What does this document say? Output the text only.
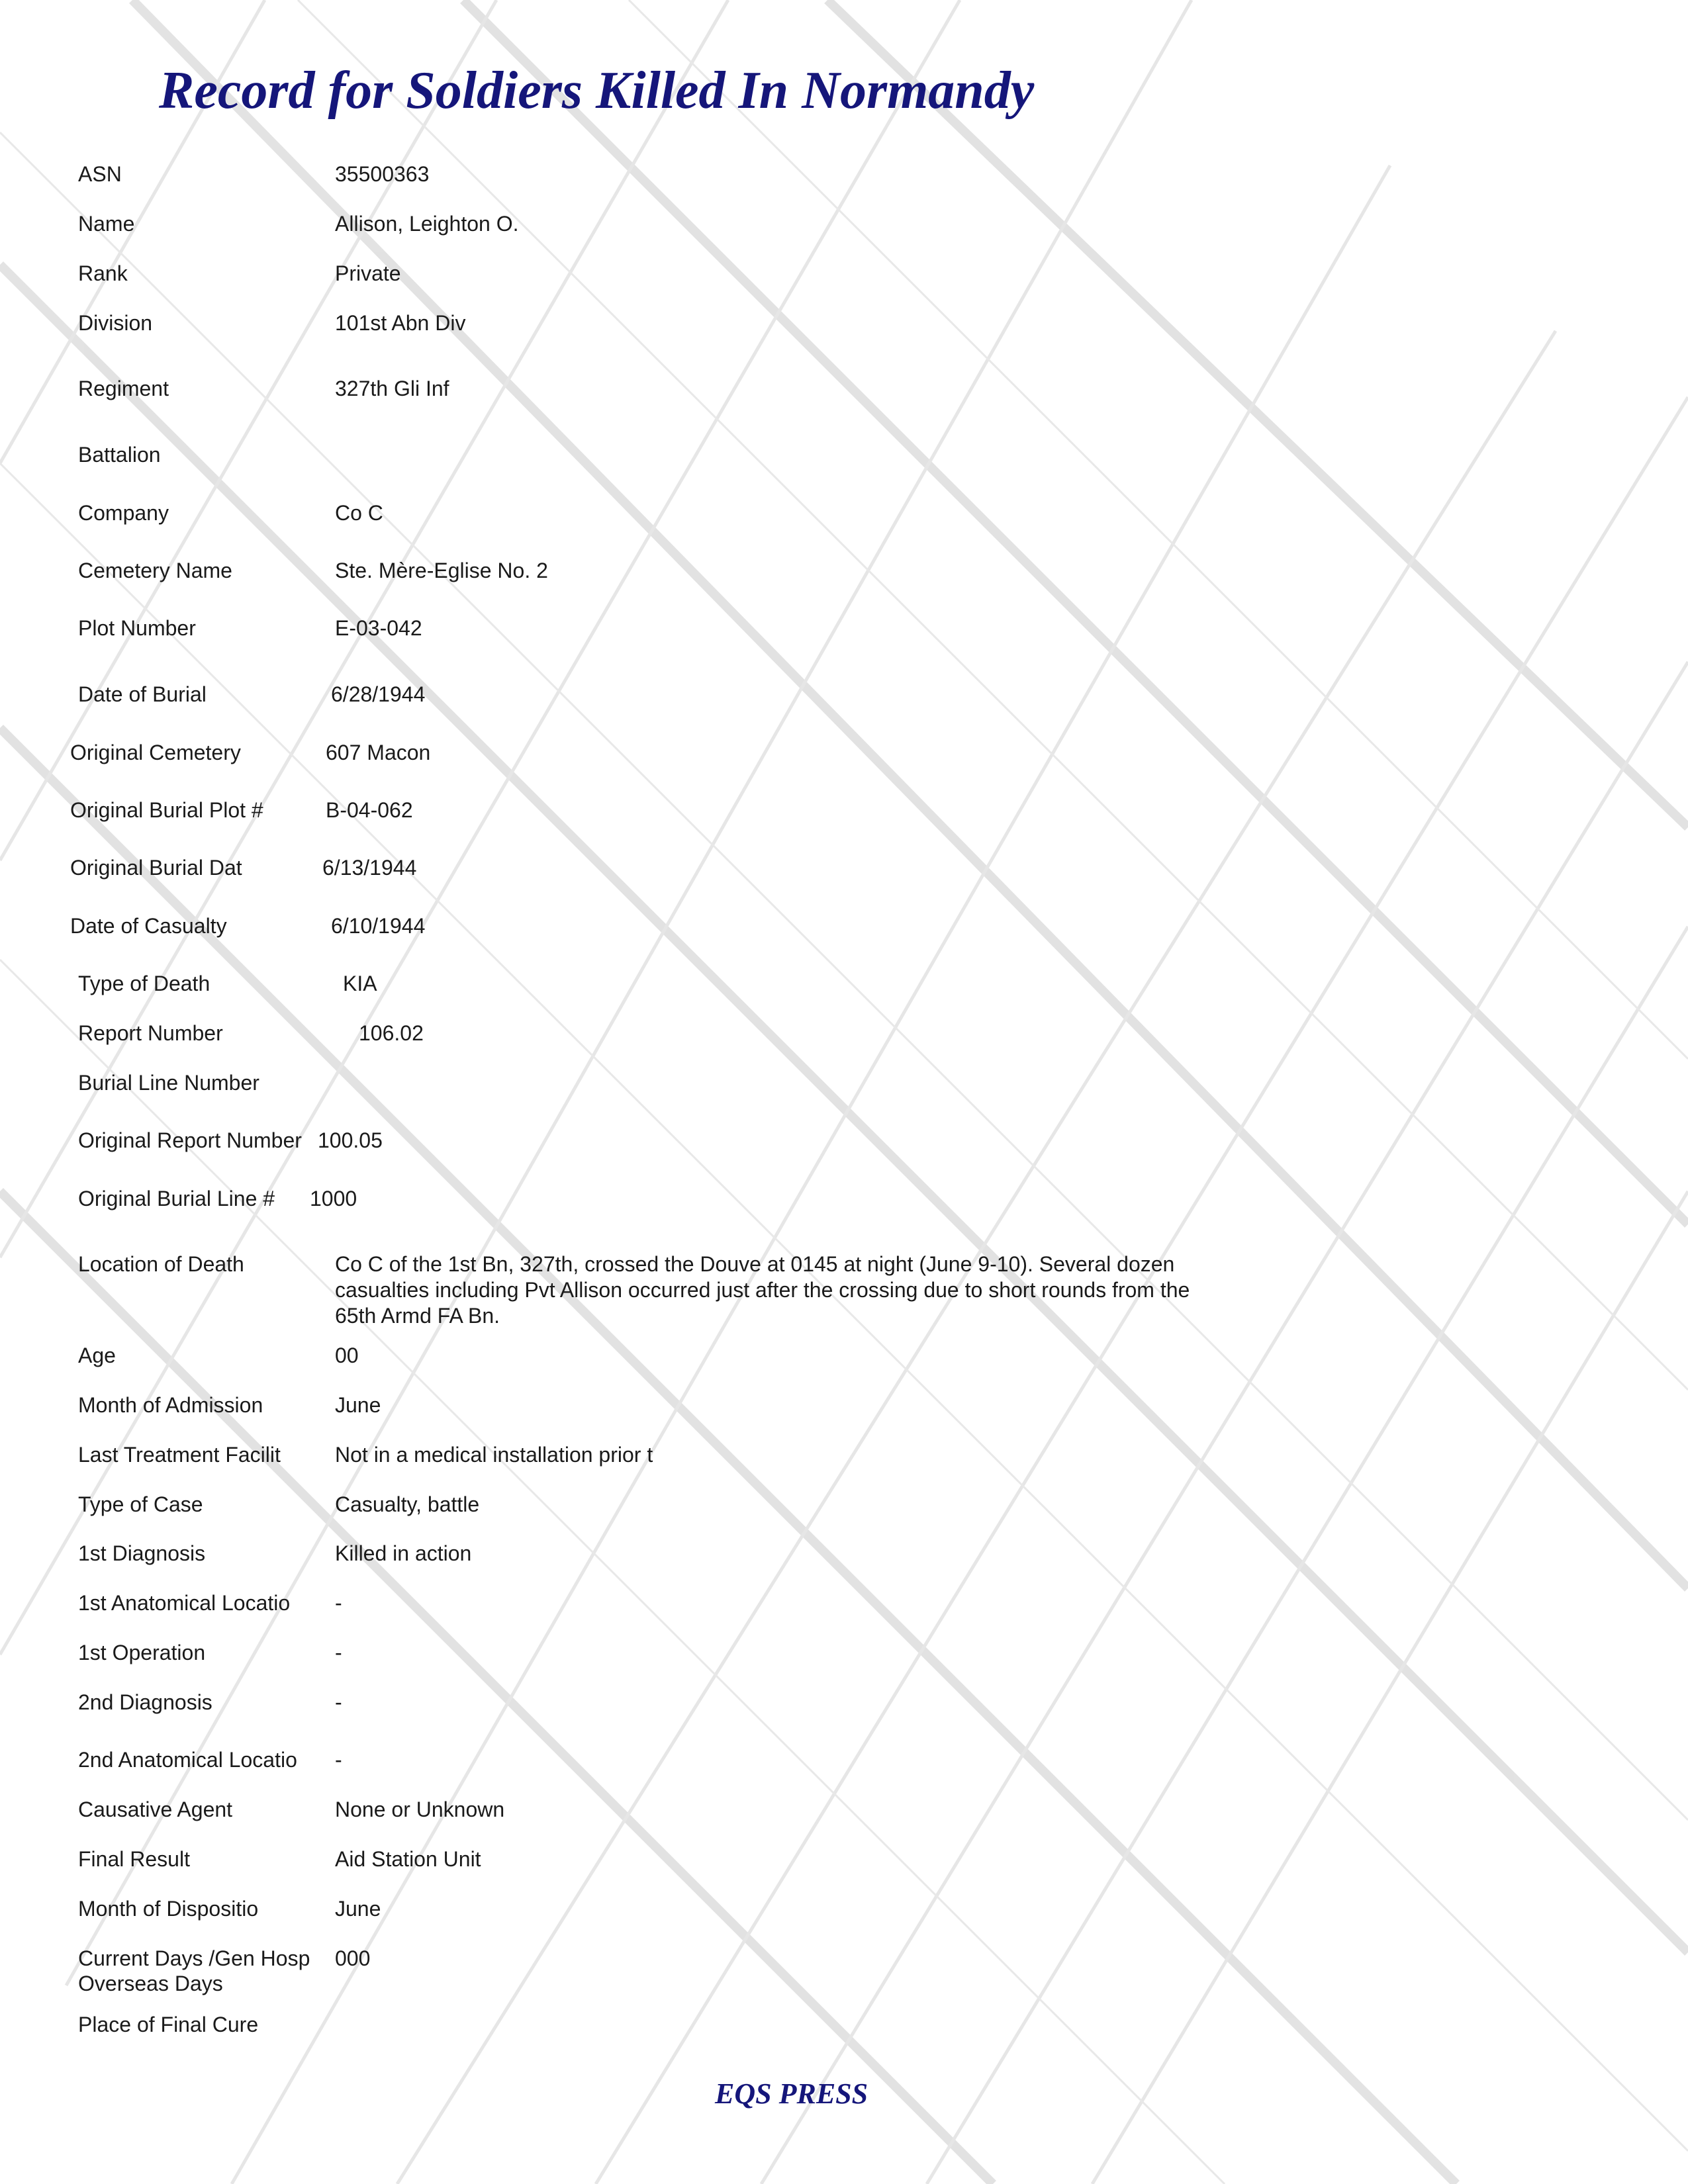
Record for Soldiers Killed In Normandy
ASN	35500363
Name	Allison, Leighton O.
Rank	Private
Division	101st Abn Div
Regiment	327th Gli Inf
Battalion
Company	Co C
Cemetery Name	Ste. Mère-Eglise No. 2
Plot Number	E-03-042
Date of Burial	6/28/1944
Original Cemetery	607 Macon
Original Burial Plot #	B-04-062
Original Burial Dat	6/13/1944
Date of Casualty	6/10/1944
Type of Death	KIA
Report Number	106.02
Burial Line Number
Original Report Number 100.05
Original Burial Line # 1000
Location of Death	Co C of the 1st Bn, 327th, crossed the Douve at 0145 at night (June 9-10). Several dozen casualties including Pvt Allison occurred just after the crossing due to short rounds from the 65th Armd FA Bn.
Age	00
Month of Admission	June
Last Treatment Facilit	Not in a medical installation prior t
Type of Case	Casualty, battle
1st Diagnosis	Killed in action
1st Anatomical Locatio -
1st Operation	-
2nd Diagnosis	-
2nd Anatomical Locatio -
Causative Agent	None or Unknown
Final Result	Aid Station Unit
Month of Dispositio	June
Current Days /Gen Hosp 000
Overseas Days
Place of Final Cure
EQS PRESS
